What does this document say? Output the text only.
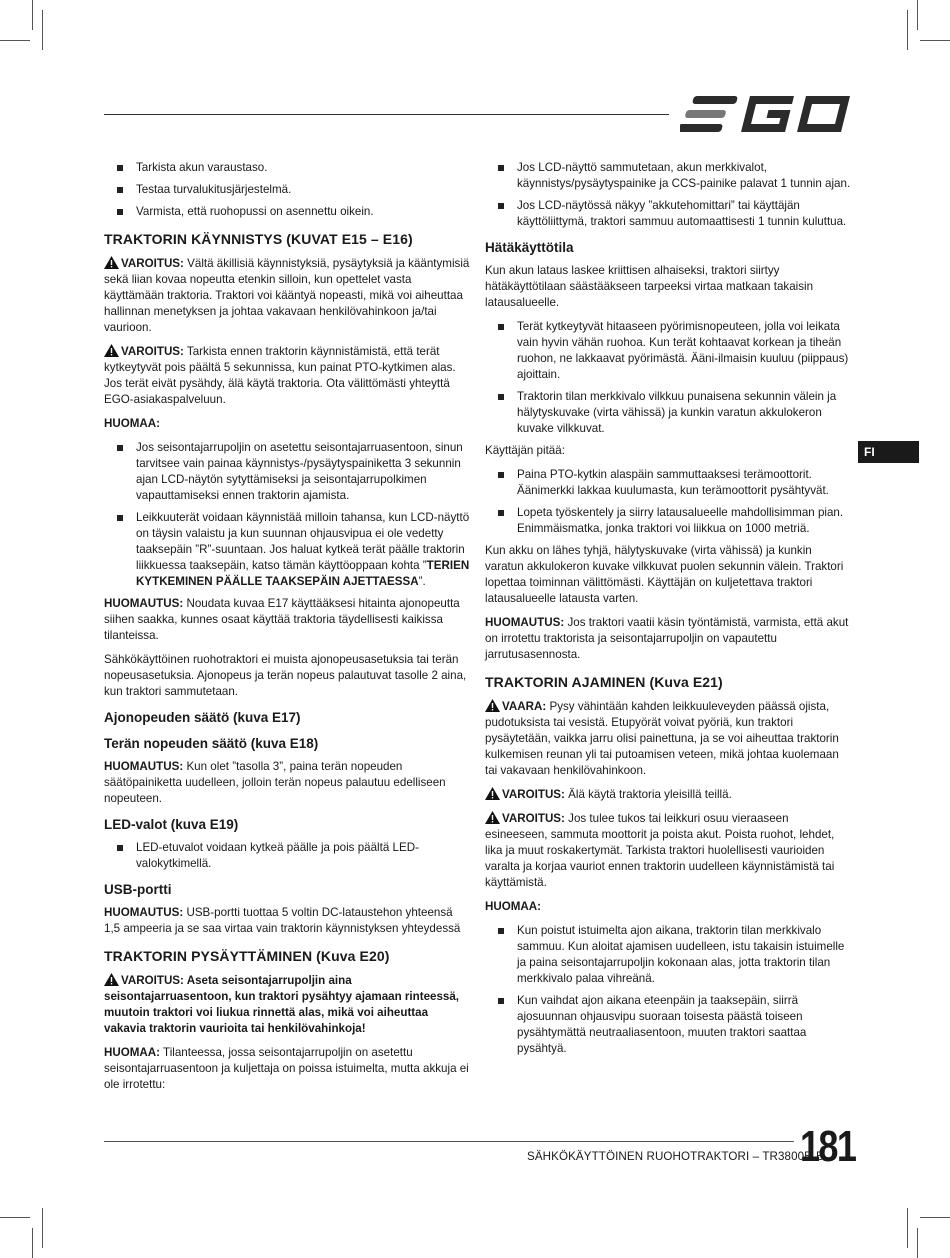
FI
Tarkista akun varaustaso.
Testaa turvalukitusjärjestelmä.
Varmista, että ruohopussi on asennettu oikein.
TRAKTORIN KÄYNNISTYS (KUVAT E15 – E16)

VAROITUS: Vältä äkillisiä käynnistyksiä, pysäytyksiä ja kääntymisiä sekä liian kovaa nopeutta etenkin silloin, kun opettelet vasta käyttämään traktoria. Traktori voi kääntyä nopeasti, mikä voi aiheuttaa hallinnan menetyksen ja johtaa vakavaan henkilövahinkoon ja/tai vaurioon.

VAROITUS: Tarkista ennen traktorin käynnistämistä, että terät kytkeytyvät pois päältä 5 sekunnissa, kun painat PTO-kytkimen alas. Jos terät eivät pysähdy, älä käytä traktoria. Ota välittömästi yhteyttä EGO-asiakaspalveluun.

HUOMAA:

Jos seisontajarrupoljin on asetettu seisontajarruasentoon, sinun tarvitsee vain painaa käynnistys-/pysäytyspainiketta 3 sekunnin ajan LCD-näytön sytyttämiseksi ja seisontajarrupolkimen vapauttamiseksi ennen traktorin ajamista.
Leikkuuterät voidaan käynnistää milloin tahansa, kun LCD-näyttö on täysin valaistu ja kun suunnan ohjausvipua ei ole vedetty taaksepäin ”R”-suuntaan. Jos haluat kytkeä terät päälle traktorin liikkuessa taaksepäin, katso tämän käyttöoppaan kohta ”TERIEN KYTKEMINEN PÄÄLLE TAAKSEPÄIN AJETTAESSA”.

HUOMAUTUS: Noudata kuvaa E17 käyttääksesi hitainta ajonopeutta siihen saakka, kunnes osaat käyttää traktoria täydellisesti kaikissa tilanteissa.

Sähkökäyttöinen ruohotraktori ei muista ajonopeusasetuksia tai terän nopeusasetuksia. Ajonopeus ja terän nopeus palautuvat tasolle 2 aina, kun traktori sammutetaan.

Ajonopeuden säätö (kuva E17)
Terän nopeuden säätö (kuva E18)

HUOMAUTUS: Kun olet ”tasolla 3”, paina terän nopeuden säätöpainiketta uudelleen, jolloin terän nopeus palautuu edelliseen nopeuteen.

LED-valot (kuva E19)
LED-etuvalot voidaan kytkeä päälle ja pois päältä LED-valokytkimellä.
USB-portti

HUOMAUTUS: USB-portti tuottaa 5 voltin DC-lataustehon yhteensä 1,5 ampeeria ja se saa virtaa vain traktorin käynnistyksen yhteydessä

TRAKTORIN PYSÄYTTÄMINEN (Kuva E20)

VAROITUS: Aseta seisontajarrupoljin aina seisontajarruasentoon, kun traktori pysähtyy ajamaan rinteessä, muutoin traktori voi liukua rinnettä alas, mikä voi aiheuttaa vakavia traktorin vaurioita tai henkilövahinkoja!

HUOMAA: Tilanteessa, jossa seisontajarrupoljin on asetettu seisontajarruasentoon ja kuljettaja on poissa istuimelta, mutta akkuja ei ole irrotettu:

Jos LCD-näyttö sammutetaan, akun merkkivalot, käynnistys/pysäytyspainike ja CCS-painike palavat 1 tunnin ajan.
Jos LCD-näytössä näkyy ”akkutehomittari” tai käyttäjän käyttöliittymä, traktori sammuu automaattisesti 1 tunnin kuluttua.
Hätäkäyttötila

Kun akun lataus laskee kriittisen alhaiseksi, traktori siirtyy hätäkäyttötilaan säästääkseen tarpeeksi virtaa matkaan takaisin latausalueelle.

Terät kytkeytyvät hitaaseen pyörimisnopeuteen, jolla voi leikata vain hyvin vähän ruohoa. Kun terät kohtaavat korkean ja tiheän ruohon, ne lakkaavat pyörimästä. Ääni-ilmaisin kuuluu (piippaus) ajoittain.
Traktorin tilan merkkivalo vilkkuu punaisena sekunnin välein ja hälytyskuvake (virta vähissä) ja kunkin varatun akkulokeron kuvake vilkkuvat.

Käyttäjän pitää:

Paina PTO-kytkin alaspäin sammuttaaksesi terämoottorit. Äänimerkki lakkaa kuulumasta, kun terämoottorit pysähtyvät.
Lopeta työskentely ja siirry latausalueelle mahdollisimman pian. Enimmäismatka, jonka traktori voi liikkua on 1000 metriä.

Kun akku on lähes tyhjä, hälytyskuvake (virta vähissä) ja kunkin varatun akkulokeron kuvake vilkkuvat puolen sekunnin välein. Traktori lopettaa toiminnan välittömästi. Käyttäjän on kuljetettava traktori latausalueelle latausta varten.

HUOMAUTUS: Jos traktori vaatii käsin työntämistä, varmista, että akut on irrotettu traktorista ja seisontajarrupoljin on vapautettu jarrutusasennosta.

TRAKTORIN AJAMINEN (Kuva E21)

VAARA: Pysy vähintään kahden leikkuuleveyden päässä ojista, pudotuksista tai vesistä. Etupyörät voivat pyöriä, kun traktori pysäytetään, vaikka jarru olisi painettuna, ja se voi aiheuttaa traktorin kulkemisen reunan yli tai putoamisen veteen, mikä johtaa kuolemaan tai vakavaan henkilövahinkoon.

VAROITUS: Älä käytä traktoria yleisillä teillä.

VAROITUS: Jos tulee tukos tai leikkuri osuu vieraaseen esineeseen, sammuta moottorit ja poista akut. Poista ruohot, lehdet, lika ja muut roskakertymät. Tarkista traktori huolellisesti vaurioiden varalta ja korjaa vauriot ennen traktorin uudelleen käynnistämistä tai käyttämistä.

HUOMAA:

Kun poistut istuimelta ajon aikana, traktorin tilan merkkivalo sammuu. Kun aloitat ajamisen uudelleen, istu takaisin istuimelle ja paina seisontajarrupoljin kokonaan alas, jotta traktorin tilan merkkivalo palaa vihreänä.
Kun vaihdat ajon aikana eteenpäin ja taaksepäin, siirrä ajosuunnan ohjausvipu suoraan toisesta päästä toiseen pysähtymättä neutraaliasentoon, muuten traktori saattaa pysähtyä.
SÄHKÖKÄYTTÖINEN RUOHOTRAKTORI – TR3800E-B
181
